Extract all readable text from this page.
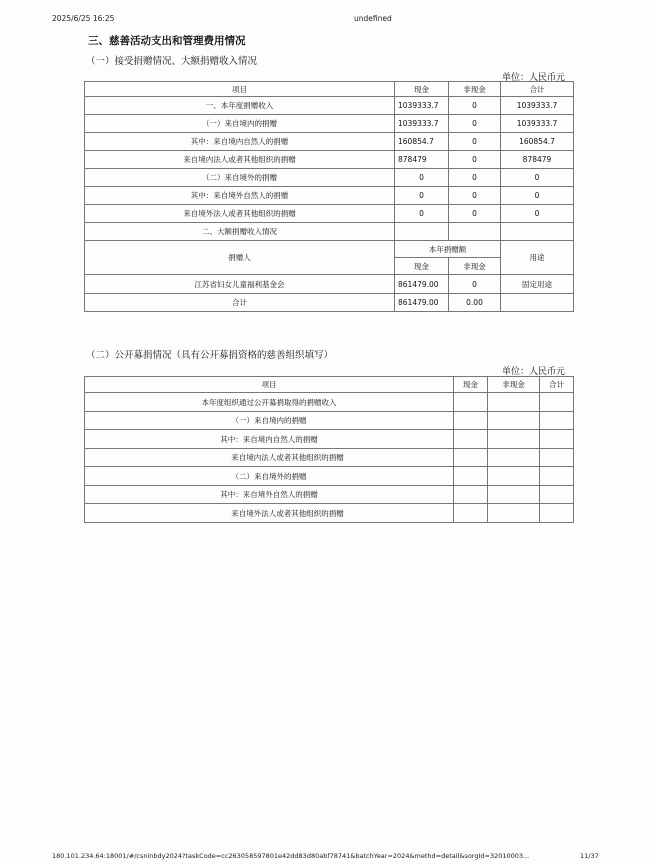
2025/6/25 16:25	undefined
三、慈善活动支出和管理费用情况
（一）接受捐赠情况、大额捐赠收入情况
单位：人民币元
项目	现金	非现金	合计
一、本年度捐赠收入	1039333.7	0	1039333.7
（一）来自境内的捐赠	1039333.7	0	1039333.7
其中：来自境内自然人的捐赠	160854.7	0	160854.7
来自境内法人或者其他组织的捐赠	878479	0	878479
（二）来自境外的捐赠	0	0	0
其中：来自境外自然人的捐赠	0	0	0
来自境外法人或者其他组织的捐赠	0	0	0
二、大额捐赠收入情况			
捐赠人	本年捐赠额		用途
	现金	非现金	
江苏省妇女儿童福利基金会	861479.00	0	固定用途
合计	861479.00	0.00	
（二）公开募捐情况（具有公开募捐资格的慈善组织填写）
单位：人民币元
项目	现金	非现金	合计
本年度组织通过公开募捐取得的捐赠收入			
（一）来自境内的捐赠			
其中：来自境内自然人的捐赠			
来自境内法人或者其他组织的捐赠			
（二）来自境外的捐赠			
其中：来自境外自然人的捐赠			
来自境外法人或者其他组织的捐赠			
180.101.234.64:18001/#/csninbdy2024?taskCode=cc263058597801e42dd83d80abf78741&batchYear=2024&methd=detail&sorgId=32010003...	11/37
